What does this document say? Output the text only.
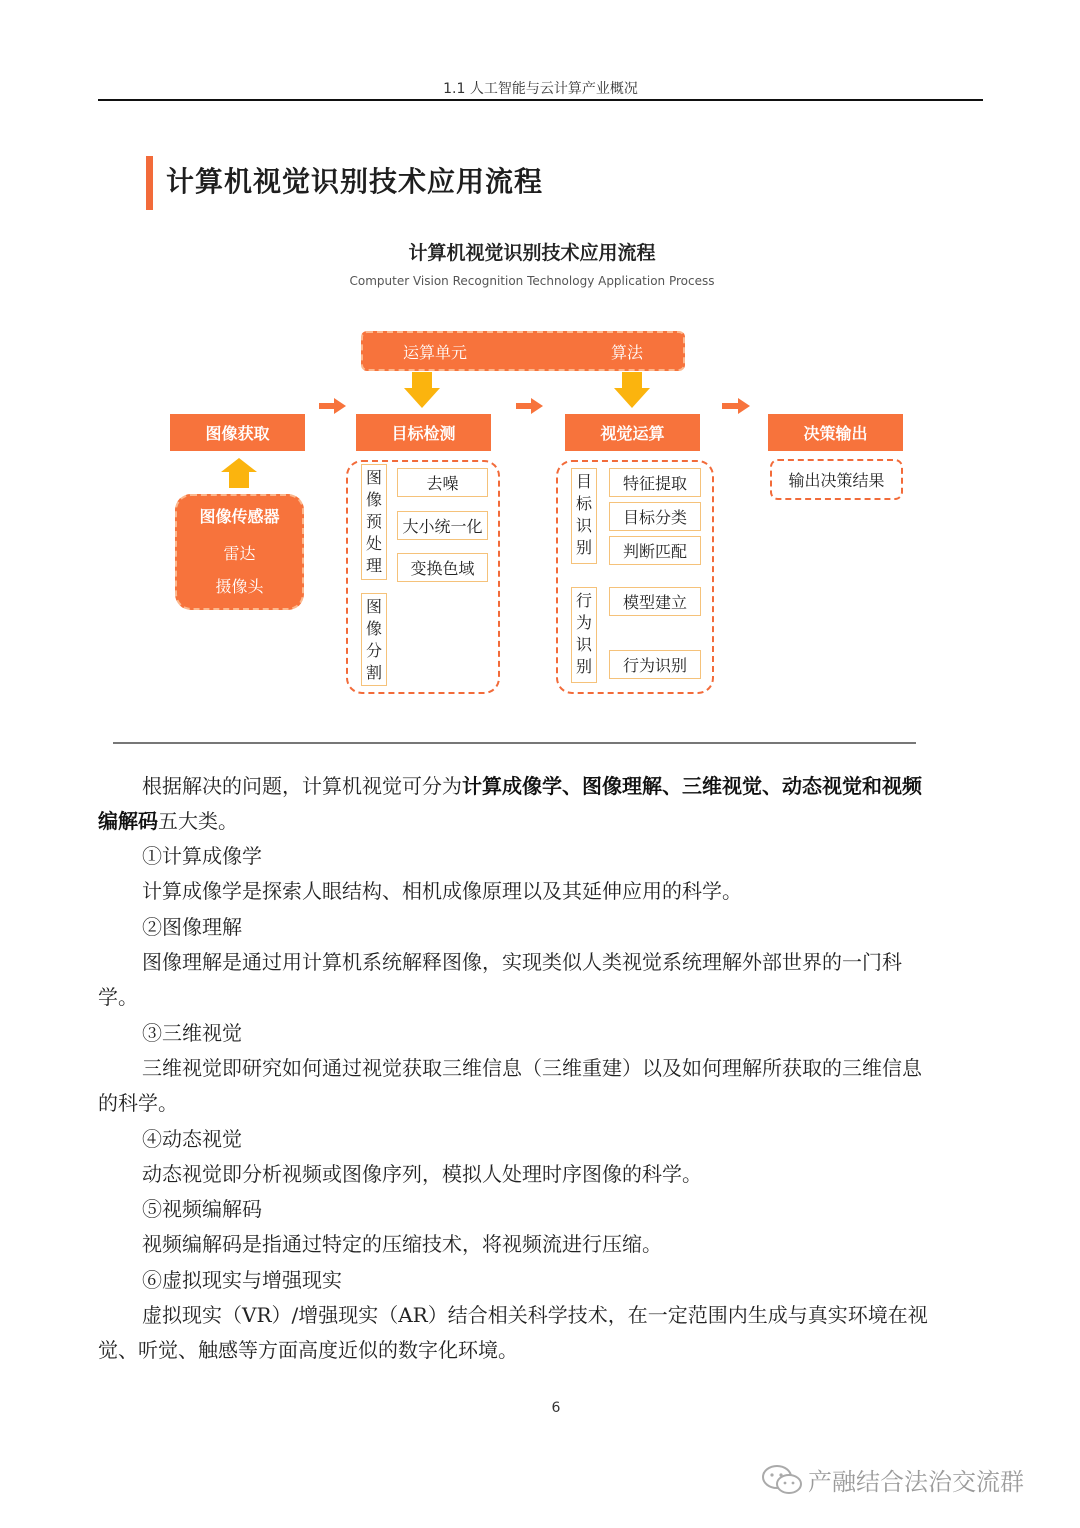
1.1 人工智能与云计算产业概况
计算机视觉识别技术应用流程
计算机视觉识别技术应用流程
Computer Vision Recognition Technology Application Process
运算单元	算法
图像获取	目标检测	视觉运算	决策输出
图像传感器
雷达
摄像头
图像预处理
去噪
大小统一化
变换色域
图像分割
目标识别
特征提取
目标分类
判断匹配
行为识别
模型建立
行为识别
输出决策结果
根据解决的问题，计算机视觉可分为计算成像学、图像理解、三维视觉、动态视觉和视频
编解码五大类。
①计算成像学
计算成像学是探索人眼结构、相机成像原理以及其延伸应用的科学。
②图像理解
图像理解是通过用计算机系统解释图像，实现类似人类视觉系统理解外部世界的一门科
学。
③三维视觉
三维视觉即研究如何通过视觉获取三维信息（三维重建）以及如何理解所获取的三维信息
的科学。
④动态视觉
动态视觉即分析视频或图像序列，模拟人处理时序图像的科学。
⑤视频编解码
视频编解码是指通过特定的压缩技术，将视频流进行压缩。
⑥虚拟现实与增强现实
虚拟现实（VR）/增强现实（AR）结合相关科学技术，在一定范围内生成与真实环境在视
觉、听觉、触感等方面高度近似的数字化环境。
6
产融结合法治交流群
